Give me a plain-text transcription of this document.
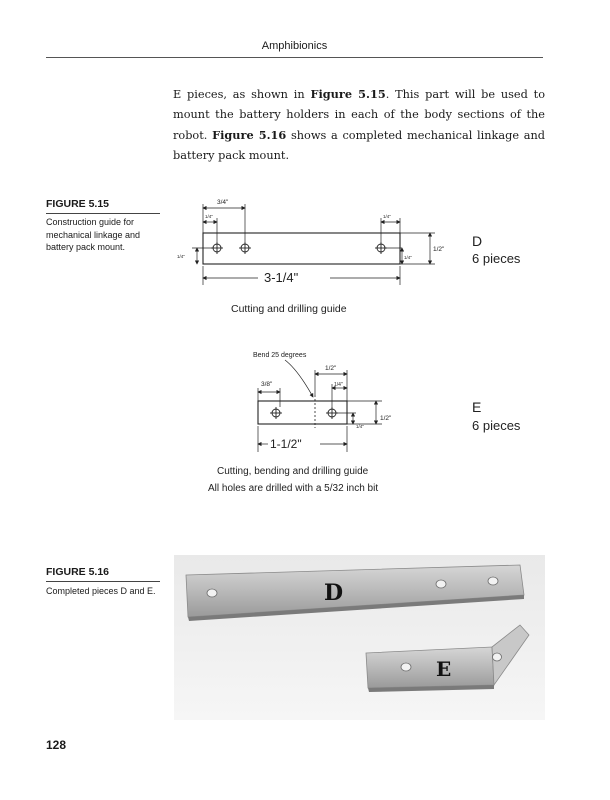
Amphibionics

E pieces, as shown in Figure 5.15. This part will be used to mount the battery holders in each of the body sections of the robot. Figure 5.16 shows a completed mechanical linkage and battery pack mount.

FIGURE 5.15
Construction guide for mechanical linkage and battery pack mount.
3/4"
1/4"	1/4"
1/2"
1/4"
1/4"
3-1/4"
D
6 pieces
Cutting and drilling guide
Bend 25 degrees
1/2"
3/8"	1/4"
1/2"
1/4"
1-1/2"
E
6 pieces
Cutting, bending and drilling guide
All holes are drilled with a 5/32 inch bit
FIGURE 5.16
Completed pieces D and E.	D
E
128
